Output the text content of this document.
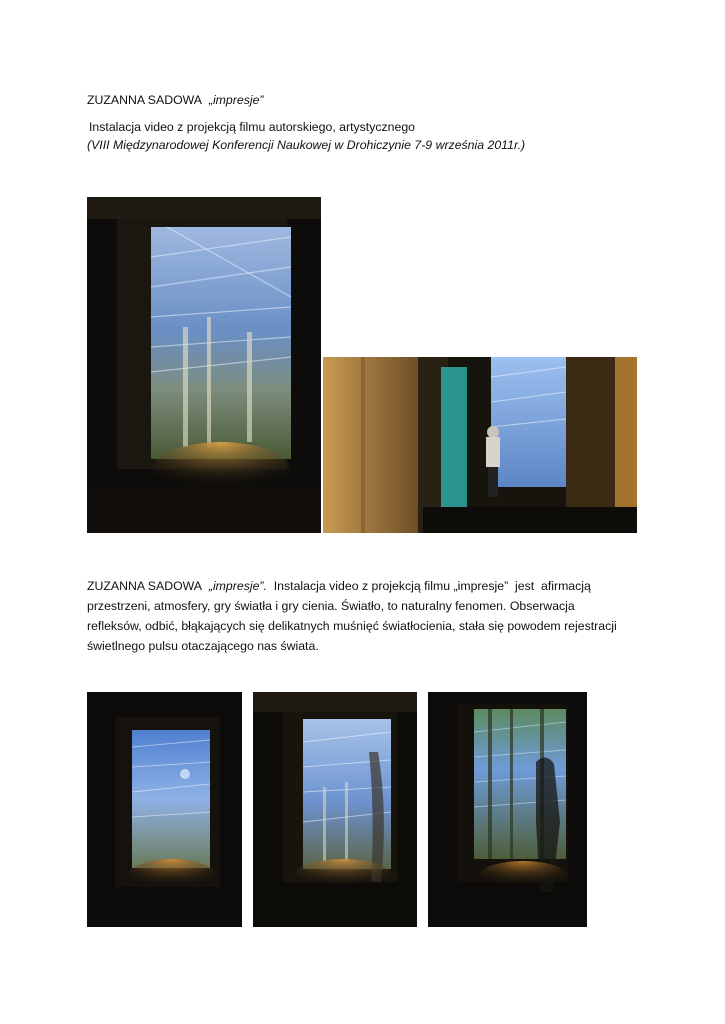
ZUZANNA SADOWA „impresje”
Instalacja video z projekcją filmu autorskiego, artystycznego
(VIII Międzynarodowej Konferencji Naukowej w Drohiczynie 7-9 września 2011r.)
ZUZANNA SADOWA „impresje”.  Instalacja video z projekcją filmu „impresje”  jest  afirmacją
przestrzeni, atmosfery, gry światła i gry cienia. Światło, to naturalny fenomen. Obserwacja
refleksów, odbić, błąkających się delikatnych muśnięć światłocienia, stała się powodem rejestracji
świetlnego pulsu otaczającego nas świata.
